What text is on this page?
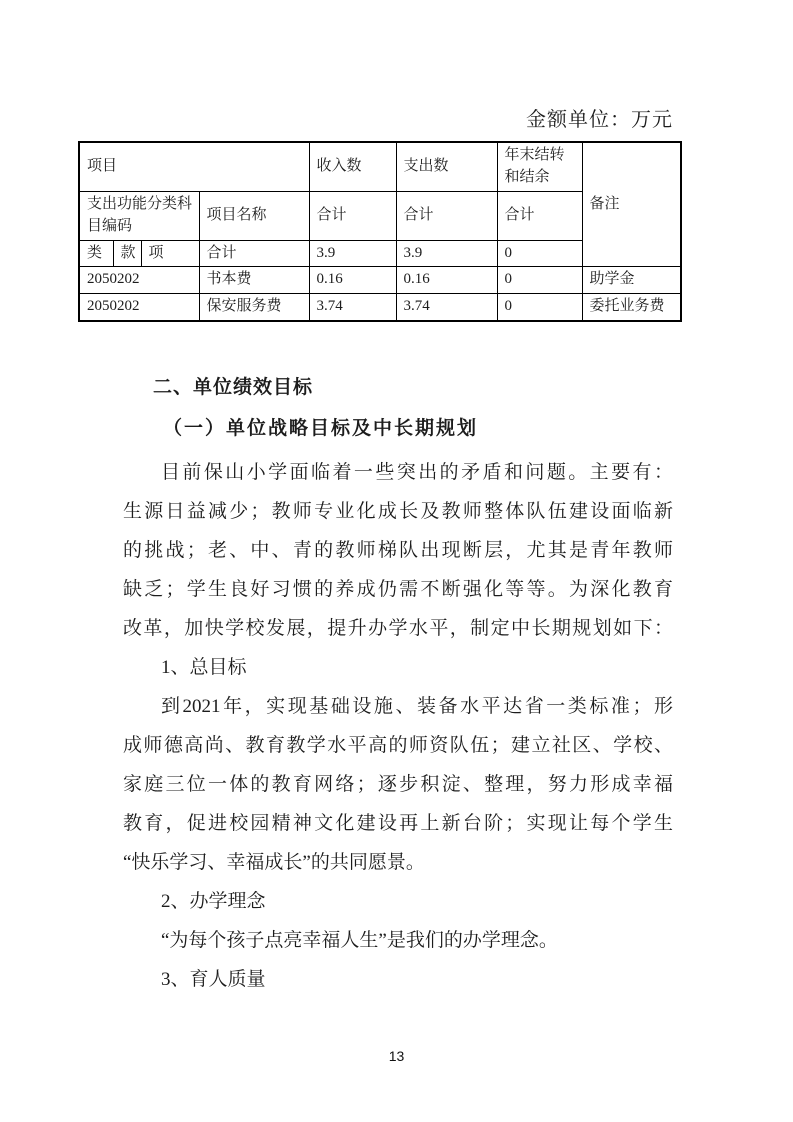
金额单位：万元
项目				收入数	支出数	年末结转和结余	备注
支出功能分类科目编码			项目名称	合计	合计	合计	
类	款	项	合计	3.9	3.9	0	
2050202			书本费	0.16	0.16	0	助学金
2050202			保安服务费	3.74	3.74	0	委托业务费
二、单位绩效目标
（一）单位战略目标及中长期规划
目前保山小学面临着一些突出的矛盾和问题。主要有：
生源日益减少；教师专业化成长及教师整体队伍建设面临新
的挑战；老、中、青的教师梯队出现断层，尤其是青年教师
缺乏；学生良好习惯的养成仍需不断强化等等。为深化教育
改革，加快学校发展，提升办学水平，制定中长期规划如下：
1、总目标
到2021年，实现基础设施、装备水平达省一类标准；形
成师德高尚、教育教学水平高的师资队伍；建立社区、学校、
家庭三位一体的教育网络；逐步积淀、整理，努力形成幸福
教育，促进校园精神文化建设再上新台阶；实现让每个学生
“快乐学习、幸福成长”的共同愿景。
2、办学理念
“为每个孩子点亮幸福人生”是我们的办学理念。
3、育人质量
13
